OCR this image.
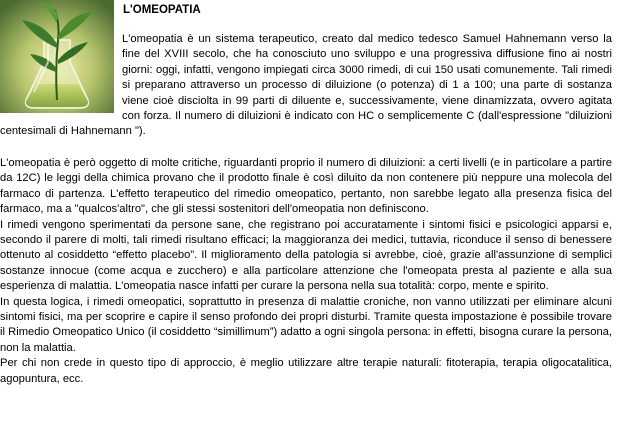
L'OMEOPATIA

L'omeopatia è un sistema terapeutico, creato dal medico tedesco Samuel Hahnemann verso la fine del XVIII secolo, che ha conosciuto uno sviluppo e una progressiva diffusione fino ai nostri giorni: oggi, infatti, vengono impiegati circa 3000 rimedi, di cui 150 usati comunemente. Tali rimedi si preparano attraverso un processo di diluizione (o potenza) di 1 a 100; una parte di sostanza viene cioè disciolta in 99 parti di diluente e, successivamente, viene dinamizzata, ovvero agitata con forza. Il numero di diluizioni è indicato con HC o semplicemente C (dall'espressione "diluizioni centesimali di Hahnemann ").

L'omeopatia è però oggetto di molte critiche, riguardanti proprio il numero di diluizioni: a certi livelli (e in particolare a partire da 12C) le leggi della chimica provano che il prodotto finale è così diluito da non contenere più neppure una molecola del farmaco di partenza. L'effetto terapeutico del rimedio omeopatico, pertanto, non sarebbe legato alla presenza fisica del farmaco, ma a "qualcos'altro", che gli stessi sostenitori dell'omeopatia non definiscono.

I rimedi vengono sperimentati da persone sane, che registrano poi accuratamente i sintomi fisici e psicologici apparsi e, secondo il parere di molti, tali rimedi risultano efficaci; la maggioranza dei medici, tuttavia, riconduce il senso di benessere ottenuto al cosiddetto “effetto placebo”. Il miglioramento della patologia si avrebbe, cioè, grazie all'assunzione di semplici sostanze innocue (come acqua e zucchero) e alla particolare attenzione che l'omeopata presta al paziente e alla sua esperienza di malattia. L'omeopatia nasce infatti per curare la persona nella sua totalità: corpo, mente e spirito.

In questa logica, i rimedi omeopatici, soprattutto in presenza di malattie croniche, non vanno utilizzati per eliminare alcuni sintomi fisici, ma per scoprire e capire il senso profondo dei propri disturbi. Tramite questa impostazione è possibile trovare il Rimedio Omeopatico Unico (il cosiddetto “simillimum”) adatto a ogni singola persona: in effetti, bisogna curare la persona, non la malattia.

Per chi non crede in questo tipo di approccio, è meglio utilizzare altre terapie naturali: fitoterapia, terapia oligocatalitica, agopuntura, ecc.
